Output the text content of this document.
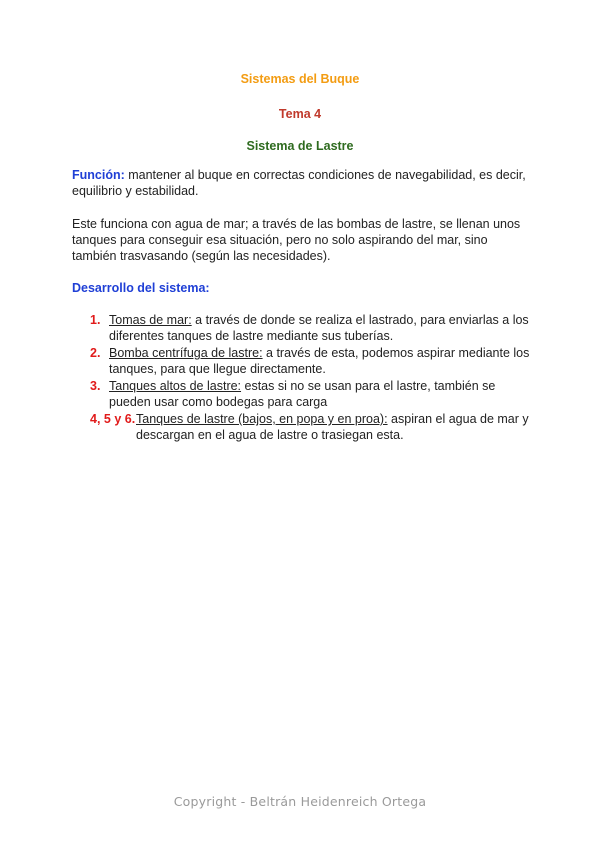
Sistemas del Buque
Tema 4
Sistema de Lastre
Función: mantener al buque en correctas condiciones de navegabilidad, es decir, equilibrio y estabilidad.
Este funciona con agua de mar; a través de las bombas de lastre, se llenan unos tanques para conseguir esa situación, pero no solo aspirando del mar, sino también trasvasando (según las necesidades).
Desarrollo del sistema:
1. Tomas de mar: a través de donde se realiza el lastrado, para enviarlas a los diferentes tanques de lastre mediante sus tuberías.
2. Bomba centrífuga de lastre: a través de esta, podemos aspirar mediante los tanques, para que llegue directamente.
3. Tanques altos de lastre: estas si no se usan para el lastre, también se pueden usar como bodegas para carga
4, 5 y 6. Tanques de lastre (bajos, en popa y en proa): aspiran el agua de mar y descargan en el agua de lastre o trasiegan esta.
Copyright - Beltrán Heidenreich Ortega
